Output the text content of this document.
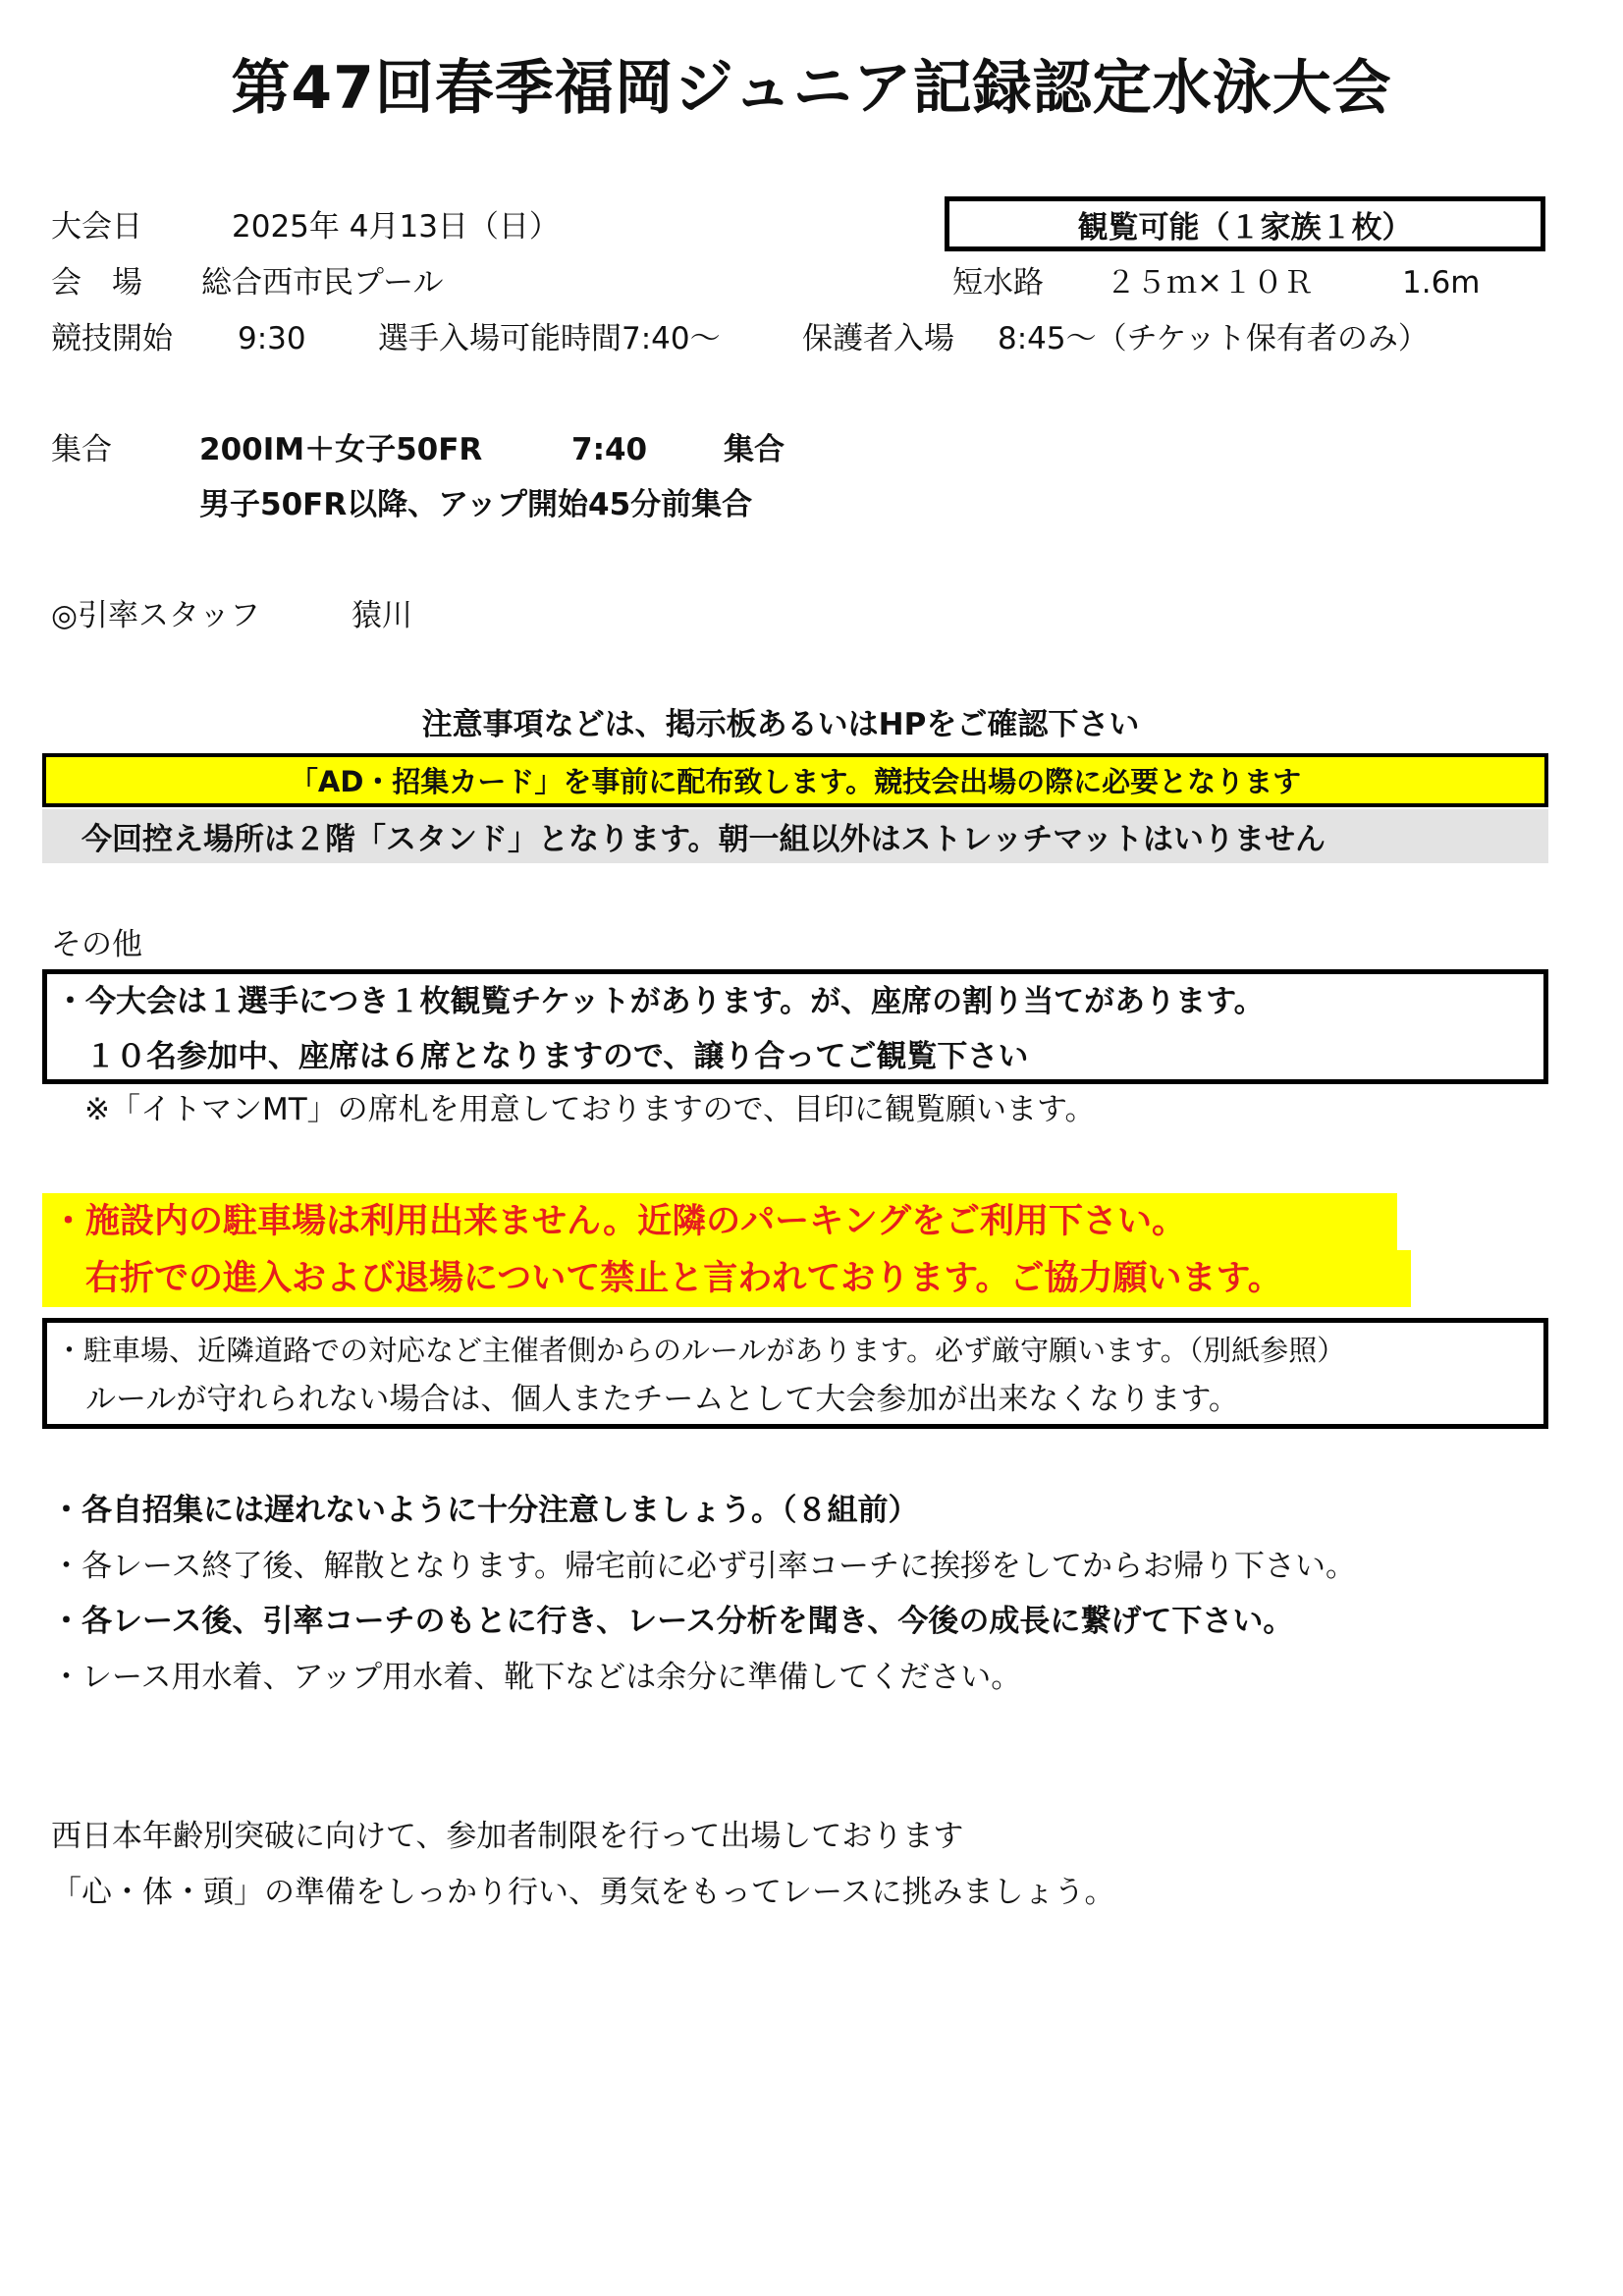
第47回春季福岡ジュニア記録認定水泳大会
大会日	2025年 4月13日（日）	観覧可能（１家族１枚）
会　場 総合西市民プール	短水路 ２５ｍ×１０Ｒ	1.6m
競技開始 9:30 選手入場可能時間7:40～	保護者入場 8:45～（チケット保有者のみ）
集合	200IM＋女子50FR	7:40	集合
男子50FR以降、アップ開始45分前集合
◎引率スタッフ	猿川
注意事項などは、掲示板あるいはHPをご確認下さい
「AD・招集カード」を事前に配布致します。競技会出場の際に必要となります
今回控え場所は２階「スタンド」となります。朝一組以外はストレッチマットはいりません
その他
・今大会は１選手につき１枚観覧チケットがあります。が、座席の割り当てがあります。
　１０名参加中、座席は６席となりますので、譲り合ってご観覧下さい
※「イトマンMT」の席札を用意しておりますので、目印に観覧願います。
・施設内の駐車場は利用出来ません。近隣のパーキングをご利用下さい。
　右折での進入および退場について禁止と言われております。ご協力願います。
・駐車場、近隣道路での対応など主催者側からのルールがあります。必ず厳守願います。（別紙参照）
　ルールが守れられない場合は、個人またチームとして大会参加が出来なくなります。
・各自招集には遅れないように十分注意しましょう。（８組前）
・各レース終了後、解散となります。帰宅前に必ず引率コーチに挨拶をしてからお帰り下さい。
・各レース後、引率コーチのもとに行き、レース分析を聞き、今後の成長に繋げて下さい。
・レース用水着、アップ用水着、靴下などは余分に準備してください。
西日本年齢別突破に向けて、参加者制限を行って出場しております
「心・体・頭」の準備をしっかり行い、勇気をもってレースに挑みましょう。
